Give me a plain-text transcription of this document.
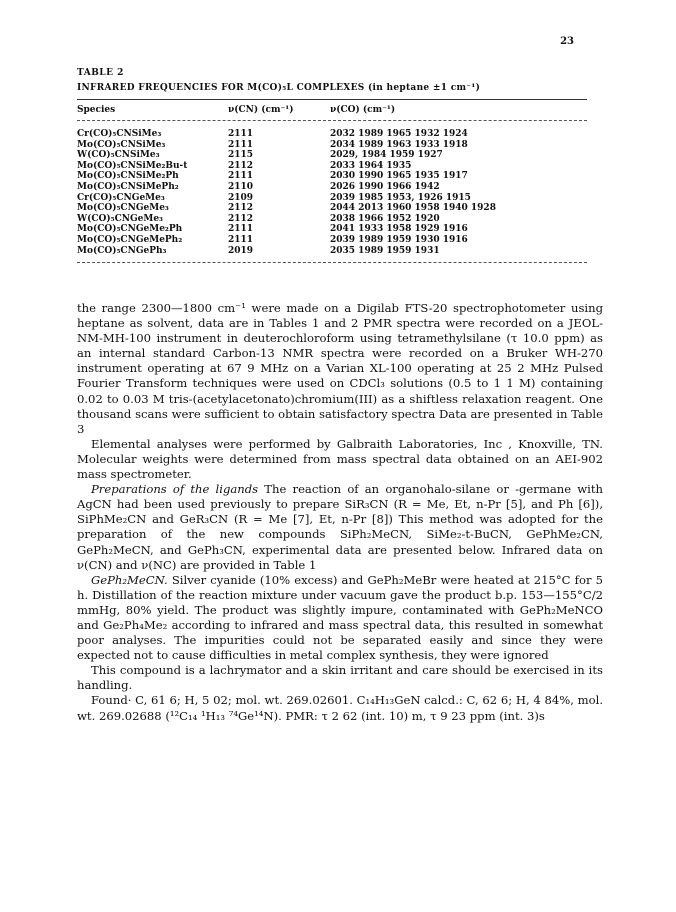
23

TABLE 2

INFRARED FREQUENCIES FOR M(CO)₅L COMPLEXES (in heptane ±1 cm⁻¹)

Species	ν(CN) (cm⁻¹)	ν(CO) (cm⁻¹)

Cr(CO)₅CNSiMe₃	2111	2032 1989 1965 1932 1924
Mo(CO)₅CNSiMe₃	2111	2034 1989 1963 1933 1918
W(CO)₅CNSiMe₃	2115	2029, 1984 1959 1927
Mo(CO)₅CNSiMe₂Bu-t	2112	2033 1964 1935
Mo(CO)₅CNSiMe₂Ph	2111	2030 1990 1965 1935 1917
Mo(CO)₅CNSiMePh₂	2110	2026 1990 1966 1942
Cr(CO)₅CNGeMe₃	2109	2039 1985 1953, 1926 1915
Mo(CO)₅CNGeMe₃	2112	2044 2013 1960 1958 1940 1928
W(CO)₅CNGeMe₃	2112	2038 1966 1952 1920
Mo(CO)₅CNGeMe₂Ph	2111	2041 1933 1958 1929 1916
Mo(CO)₅CNGeMePh₂	2111	2039 1989 1959 1930 1916
Mo(CO)₅CNGePh₃	2019	2035 1989 1959 1931

the range 2300—1800 cm⁻¹ were made on a Digilab FTS-20 spectrophotometer using heptane as solvent, data are in Tables 1 and 2 PMR spectra were recorded on a JEOL-NM-MH-100 instrument in deuterochloroform using tetramethylsilane (τ 10.0 ppm) as an internal standard Carbon-13 NMR spectra were recorded on a Bruker WH-270 instrument operating at 67 9 MHz on a Varian XL-100 operating at 25 2 MHz Pulsed Fourier Transform techniques were used on CDCl₃ solutions (0.5 to 1 1 M) containing 0.02 to 0.03 M tris-(acetylacetonato)chromium(III) as a shiftless relaxation reagent. One thousand scans were sufficient to obtain satisfactory spectra Data are presented in Table 3

Elemental analyses were performed by Galbraith Laboratories, Inc , Knoxville, TN. Molecular weights were determined from mass spectral data obtained on an AEI-902 mass spectrometer.

Preparations of the ligands The reaction of an organohalo-silane or -germane with AgCN had been used previously to prepare SiR₃CN (R = Me, Et, n-Pr [5], and Ph [6]), SiPhMe₂CN and GeR₃CN (R = Me [7], Et, n-Pr [8]) This method was adopted for the preparation of the new compounds SiPh₂MeCN, SiMe₂-t-BuCN, GePhMe₂CN, GePh₂MeCN, and GePh₃CN, experimental data are presented below. Infrared data on ν(CN) and ν(NC) are provided in Table 1

GePh₂MeCN. Silver cyanide (10% excess) and GePh₂MeBr were heated at 215°C for 5 h. Distillation of the reaction mixture under vacuum gave the product b.p. 153—155°C/2 mmHg, 80% yield. The product was slightly impure, contaminated with GePh₂MeNCO and Ge₂Ph₄Me₂ according to infrared and mass spectral data, this resulted in somewhat poor analyses. The impurities could not be separated easily and since they were expected not to cause difficulties in metal complex synthesis, they were ignored

This compound is a lachrymator and a skin irritant and care should be exercised in its handling.

Found· C, 61 6; H, 5 02; mol. wt. 269.02601. C₁₄H₁₃GeN calcd.: C, 62 6; H, 4 84%, mol. wt. 269.02688 (¹²C₁₄ ¹H₁₃ ⁷⁴Ge¹⁴N). PMR: τ 2 62 (int. 10) m, τ 9 23 ppm (int. 3)s
